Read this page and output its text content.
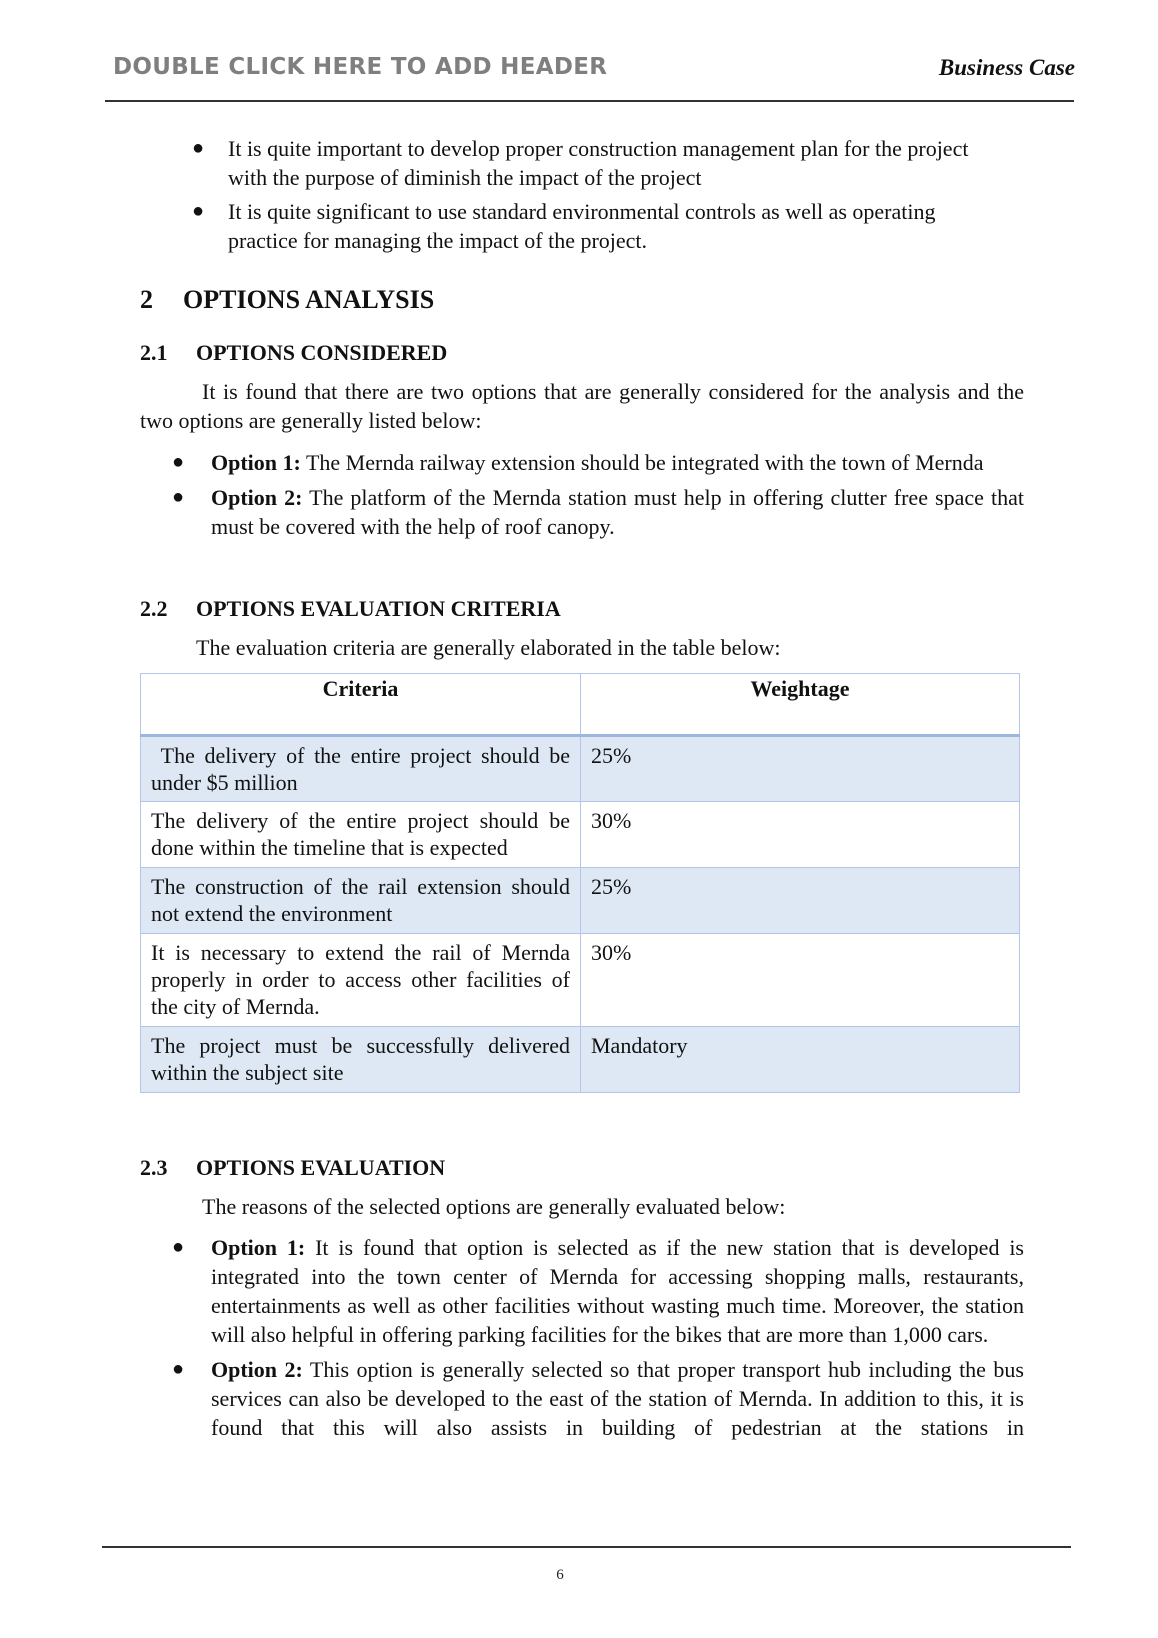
DOUBLE CLICK HERE TO ADD HEADER	Business Case
● It is quite important to develop proper construction management plan for the project
with the purpose of diminish the impact of the project
● It is quite significant to use standard environmental controls as well as operating
practice for managing the impact of the project.
2 OPTIONS ANALYSIS
2.1 OPTIONS CONSIDERED

It is found that there are two options that are generally considered for the analysis and the two options are generally listed below:

● Option 1: The Mernda railway extension should be integrated with the town of Mernda
● Option 2: The platform of the Mernda station must help in offering clutter free space that must be covered with the help of roof canopy.
2.2 OPTIONS EVALUATION CRITERIA

The evaluation criteria are generally elaborated in the table below:

Criteria	Weightage
The delivery of the entire project should be under $5 million	25%
The delivery of the entire project should be done within the timeline that is expected	30%
The construction of the rail extension should not extend the environment	25%
It is necessary to extend the rail of Mernda properly in order to access other facilities of the city of Mernda.	30%
The project must be successfully delivered within the subject site	Mandatory
2.3 OPTIONS EVALUATION

The reasons of the selected options are generally evaluated below:

● Option 1: It is found that option is selected as if the new station that is developed is integrated into the town center of Mernda for accessing shopping malls, restaurants, entertainments as well as other facilities without wasting much time. Moreover, the station will also helpful in offering parking facilities for the bikes that are more than 1,000 cars.
● Option 2: This option is generally selected so that proper transport hub including the bus services can also be developed to the east of the station of Mernda. In addition to this, it is found that this will also assists in building of pedestrian at the stations in
6
